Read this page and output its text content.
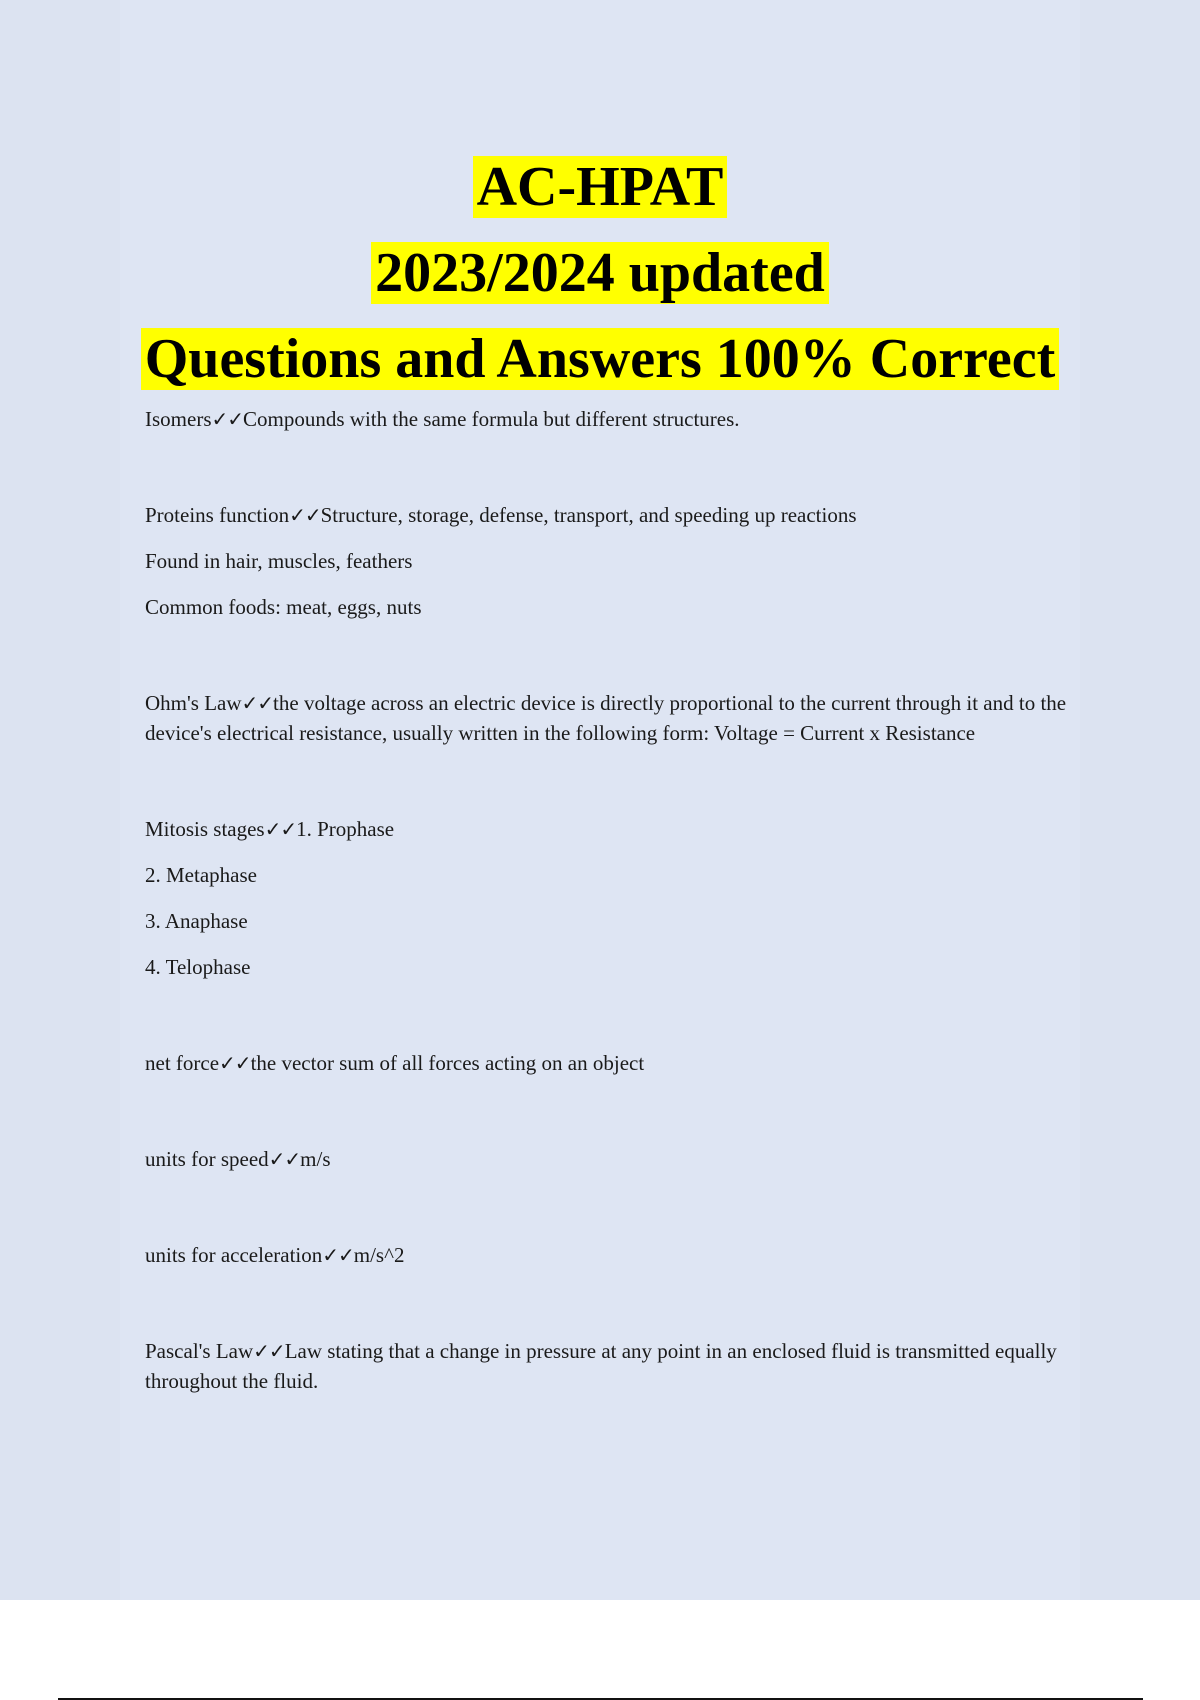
AC-HPAT
2023/2024 updated
Questions and Answers 100% Correct

Isomers✓✓Compounds with the same formula but different structures.

Proteins function✓✓Structure, storage, defense, transport, and speeding up reactions

Found in hair, muscles, feathers

Common foods: meat, eggs, nuts

Ohm's Law✓✓the voltage across an electric device is directly proportional to the current through it and to the device's electrical resistance, usually written in the following form: Voltage = Current x Resistance

Mitosis stages✓✓1. Prophase

2. Metaphase

3. Anaphase

4. Telophase

net force✓✓the vector sum of all forces acting on an object

units for speed✓✓m/s

units for acceleration✓✓m/s^2

Pascal's Law✓✓Law stating that a change in pressure at any point in an enclosed fluid is transmitted equally throughout the fluid.
